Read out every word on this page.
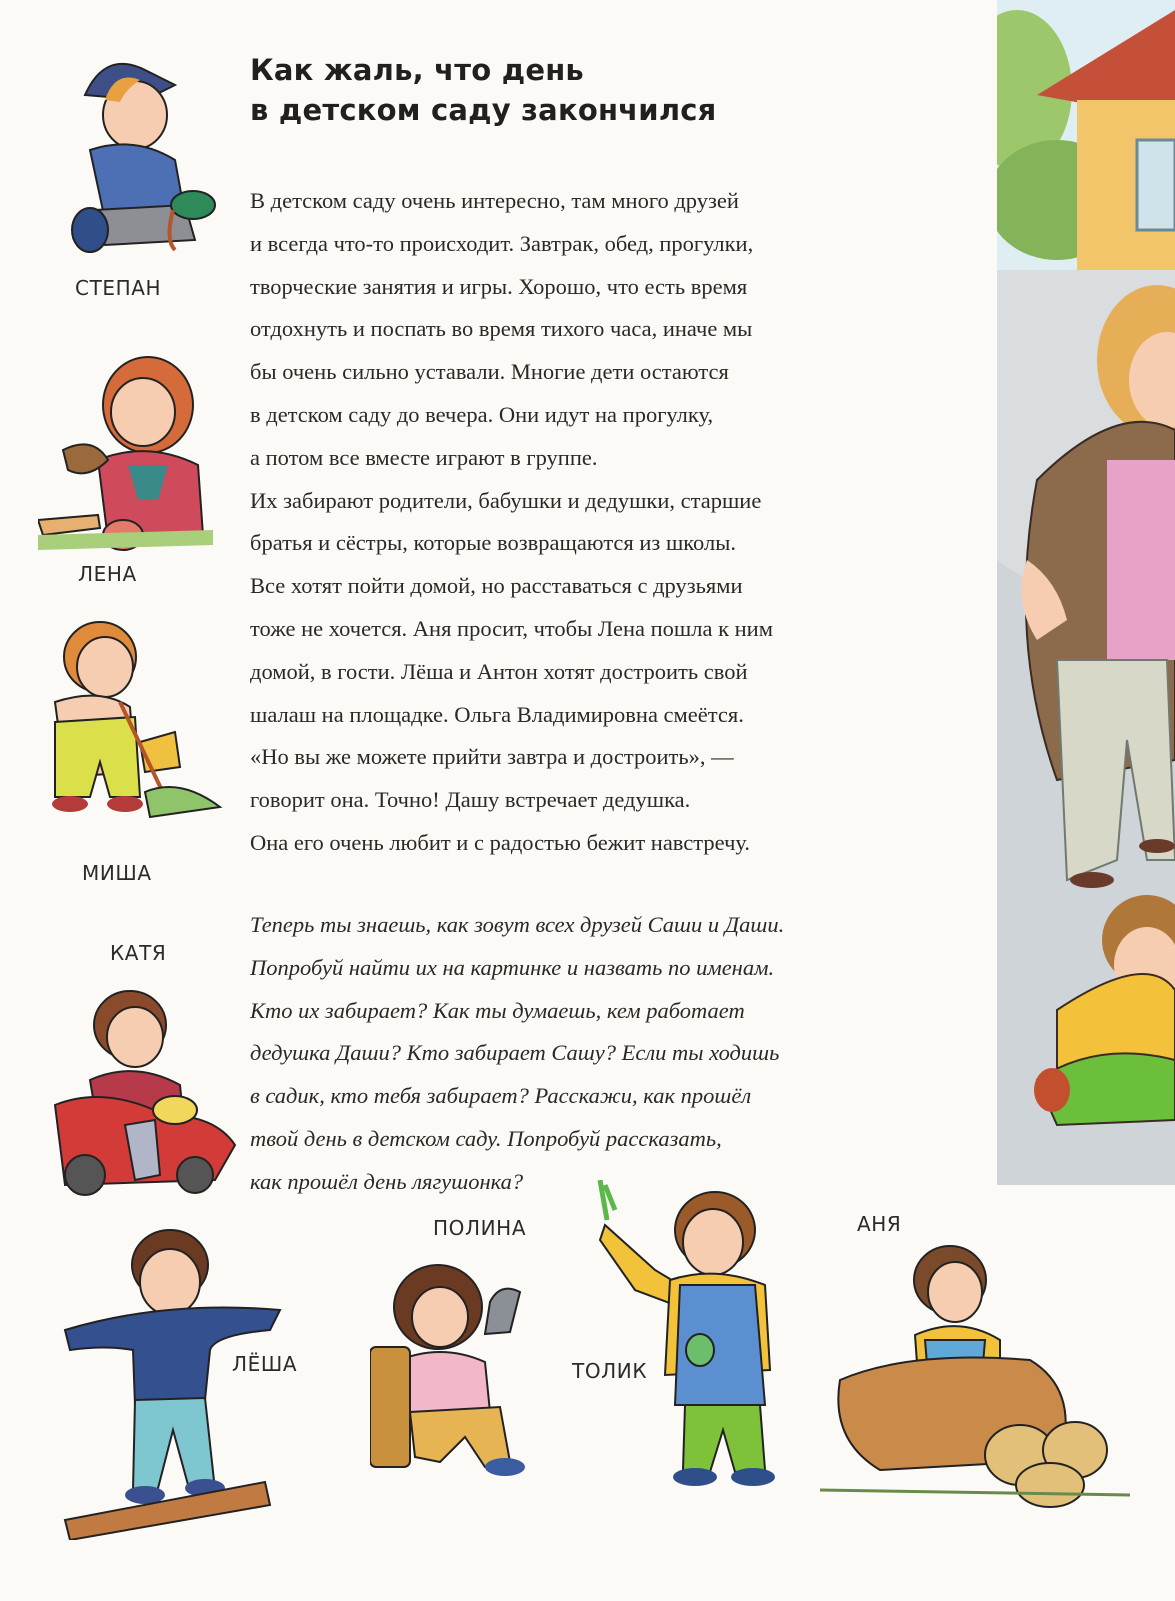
Как жаль, что день
в детском саду закончился
В детском саду очень интересно, там много друзей
и всегда что-то происходит. Завтрак, обед, прогулки,
творческие занятия и игры. Хорошо, что есть время
отдохнуть и поспать во время тихого часа, иначе мы
бы очень сильно уставали. Многие дети остаются
в детском саду до вечера. Они идут на прогулку,
а потом все вместе играют в группе.
Их забирают родители, бабушки и дедушки, старшие
братья и сёстры, которые возвращаются из школы.
Все хотят пойти домой, но расставаться с друзьями
тоже не хочется. Аня просит, чтобы Лена пошла к ним
домой, в гости. Лёша и Антон хотят достроить свой
шалаш на площадке. Ольга Владимировна смеётся.
«Но вы же можете прийти завтра и достроить», —
говорит она. Точно! Дашу встречает дедушка.
Она его очень любит и с радостью бежит навстречу.
Теперь ты знаешь, как зовут всех друзей Саши и Даши.
Попробуй найти их на картинке и назвать по именам.
Кто их забирает? Как ты думаешь, кем работает
дедушка Даши? Кто забирает Сашу? Если ты ходишь
в садик, кто тебя забирает? Расскажи, как прошёл
твой день в детском саду. Попробуй рассказать,
как прошёл день лягушонка?
СТЕПАН
ЛЕНА
МИША
КАТЯ
ЛЁША
ПОЛИНА
ТОЛИК
АНЯ
